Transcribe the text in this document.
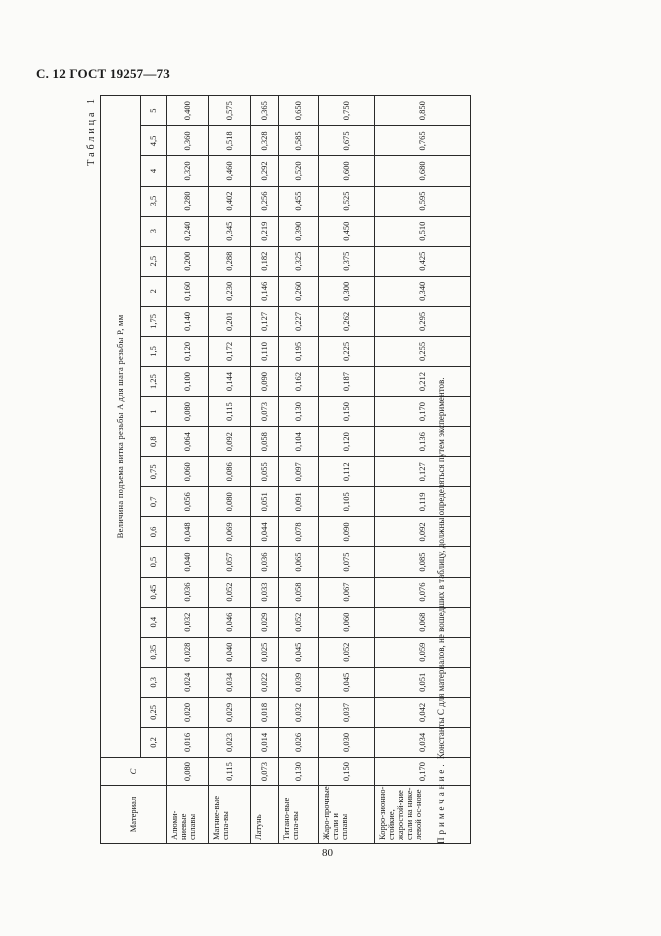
С. 12 ГОСТ 19257—73
Таблица 1
Материал	C	Величина подъема витка резьбы A для шага резьбы P, мм																					
		0,2	0,25	0,3	0,35	0,4	0,45	0,5	0,6	0,7	0,75	0,8	1	1,25	1,5	1,75	2	2,5	3	3,5	4	4,5	5
Алюми-ниевые сплавы	0,080	0,016	0,020	0,024	0,028	0,032	0,036	0,040	0,048	0,056	0,060	0,064	0,080	0,100	0,120	0,140	0,160	0,200	0,240	0,280	0,320	0,360	0,400
Магние-вые спла-вы	0,115	0,023	0,029	0,034	0,040	0,046	0,052	0,057	0,069	0,080	0,086	0,092	0,115	0,144	0,172	0,201	0,230	0,288	0,345	0,402	0,460	0,518	0,575
Латунь	0,073	0,014	0,018	0,022	0,025	0,029	0,033	0,036	0,044	0,051	0,055	0,058	0,073	0,090	0,110	0,127	0,146	0,182	0,219	0,256	0,292	0,328	0,365
Титано-вые спла-вы	0,130	0,026	0,032	0,039	0,045	0,052	0,058	0,065	0,078	0,091	0,097	0,104	0,130	0,162	0,195	0,227	0,260	0,325	0,390	0,455	0,520	0,585	0,650
Жаро-прочные стали и сплавы	0,150	0,030	0,037	0,045	0,052	0,060	0,067	0,075	0,090	0,105	0,112	0,120	0,150	0,187	0,225	0,262	0,300	0,375	0,450	0,525	0,600	0,675	0,750
Корро-зионно-стойкие, жаростой-кие стали на нике-левой ос-нове	0,170	0,034	0,042	0,051	0,059	0,068	0,076	0,085	0,092	0,119	0,127	0,136	0,170	0,212	0,255	0,295	0,340	0,425	0,510	0,595	0,680	0,765	0,850
Примечание. Константы C для материалов, не вошедших в таблицу, должны определяться путем экспериментов.
80
